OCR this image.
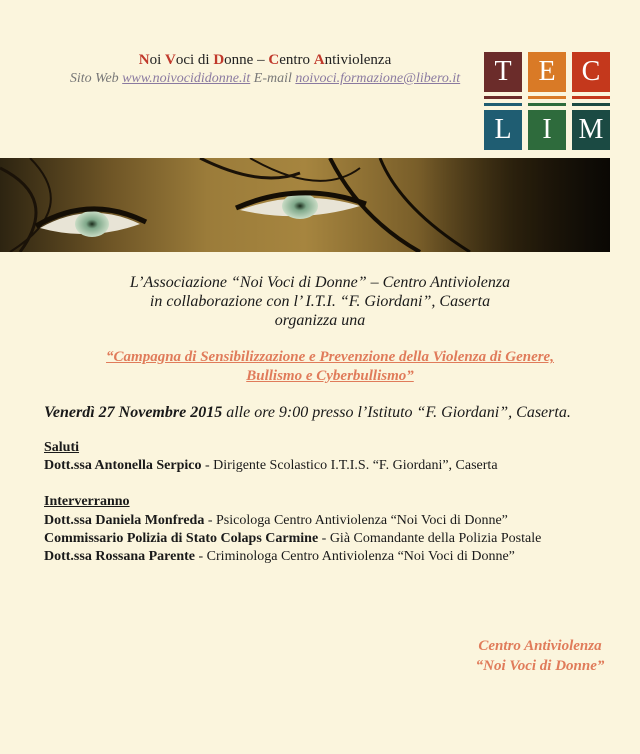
Noi Voci di Donne – Centro Antiviolenza
Sito Web www.noivocididonne.it E-mail noivoci.formazione@libero.it	T E C
L I M
L’Associazione “Noi Voci di Donne” – Centro Antiviolenza
in collaborazione con l’ I.T.I. “F. Giordani”, Caserta
organizza una
“Campagna di Sensibilizzazione e Prevenzione della Violenza di Genere,
Bullismo e Cyberbullismo”
Venerdì 27 Novembre 2015 alle ore 9:00 presso l’Istituto “F. Giordani”, Caserta.
Saluti
Dott.ssa Antonella Serpico - Dirigente Scolastico I.T.I.S. “F. Giordani”, Caserta
Interverranno
Dott.ssa Daniela Monfreda - Psicologa Centro Antiviolenza “Noi Voci di Donne”
Commissario Polizia di Stato Colaps Carmine - Già Comandante della Polizia Postale
Dott.ssa Rossana Parente - Criminologa Centro Antiviolenza “Noi Voci di Donne”
Centro Antiviolenza
“Noi Voci di Donne”
